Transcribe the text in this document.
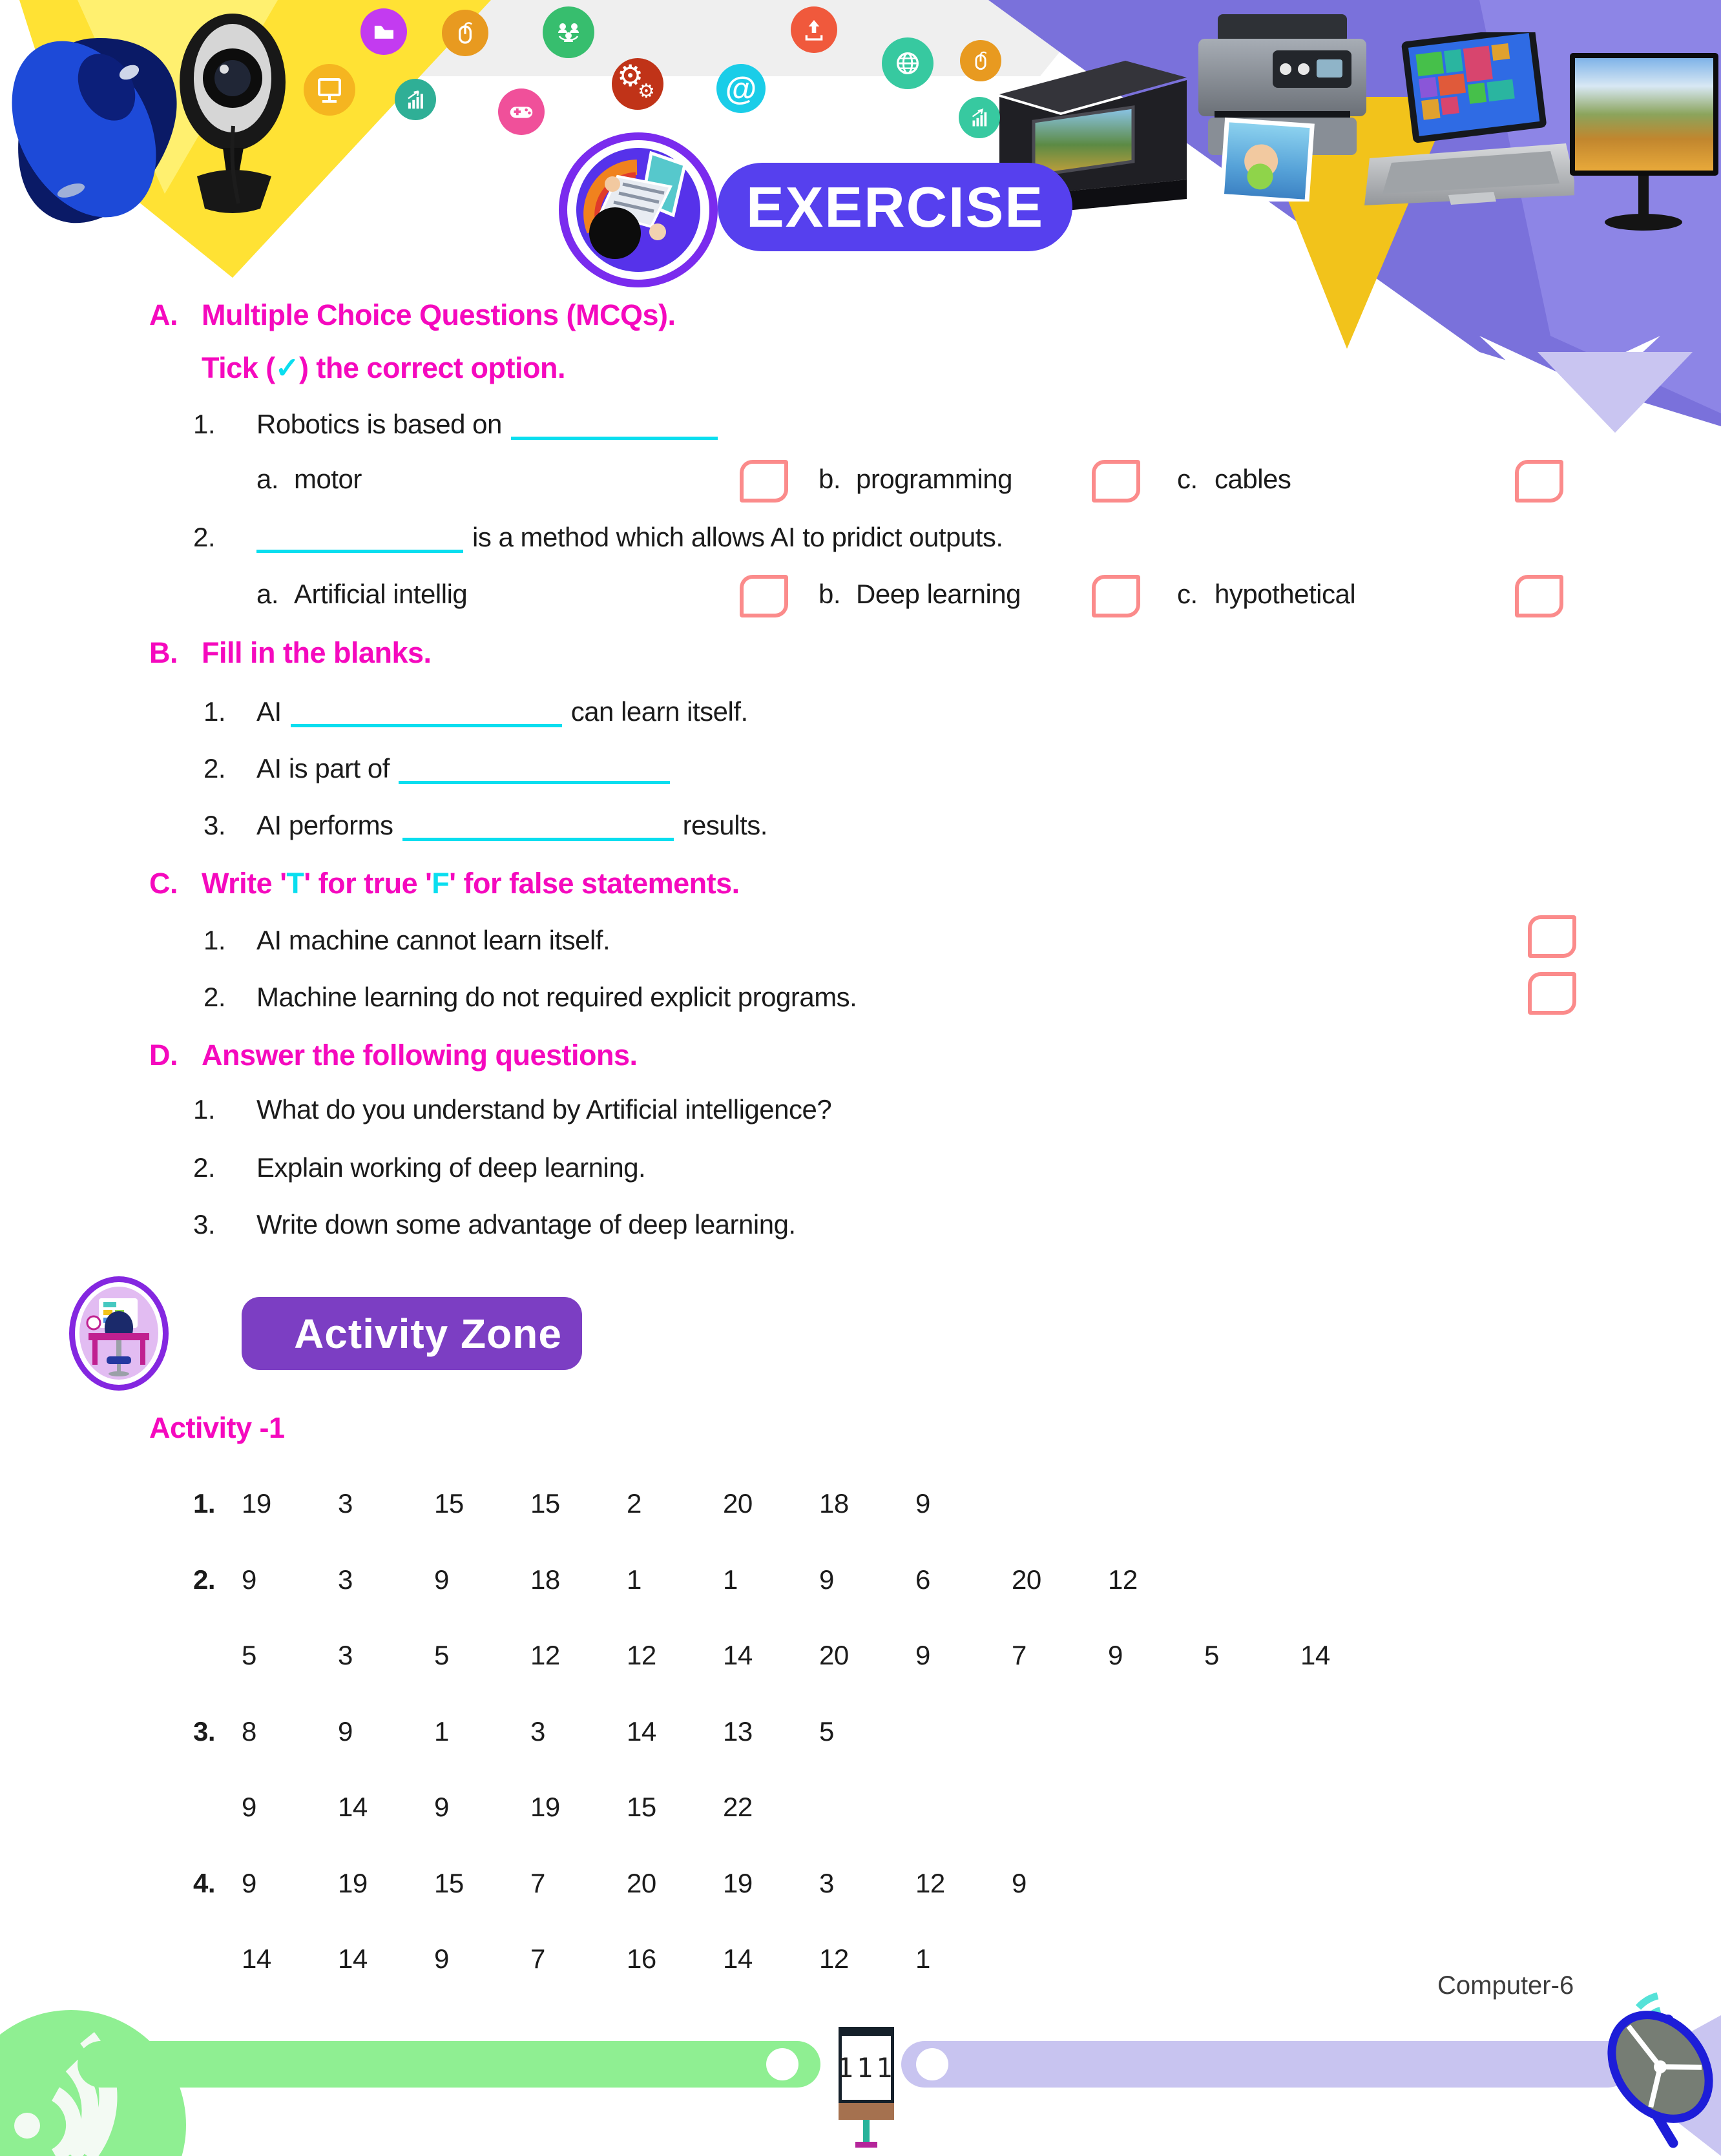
⚙
⚙ @
EXERCISE
A. Multiple Choice Questions (MCQs).
Tick (✓) the correct option.
1. Robotics is based on
a. motor	b. programming	c. cables
2.	is a method which allows AI to pridict outputs.
a. Artificial intellig	b. Deep learning	c. hypothetical
B. Fill in the blanks.
1. AI	can learn itself.
2. AI is part of
3. AI performs	results.
C. Write 'T' for true 'F' for false statements.
1. AI machine cannot learn itself.
2. Machine learning do not required explicit programs.
D. Answer the following questions.
1. What do you understand by Artificial intelligence?
2. Explain working of deep learning.
3. Write down some advantage of deep learning.
Activity Zone
Activity -1
1. 19 3	15 15 2	20 18 9
2. 9	3	9	18 1	1	9	6	20 12
5	3	5	12 12 14 20 9	7	9	5	14
3. 8	9	1	3	14 13 5
9	14 9	19 15 22
4. 9	19 15 7	20 19 3	12 9
14 14 9	7	16 14 12 1
111
Computer-6
